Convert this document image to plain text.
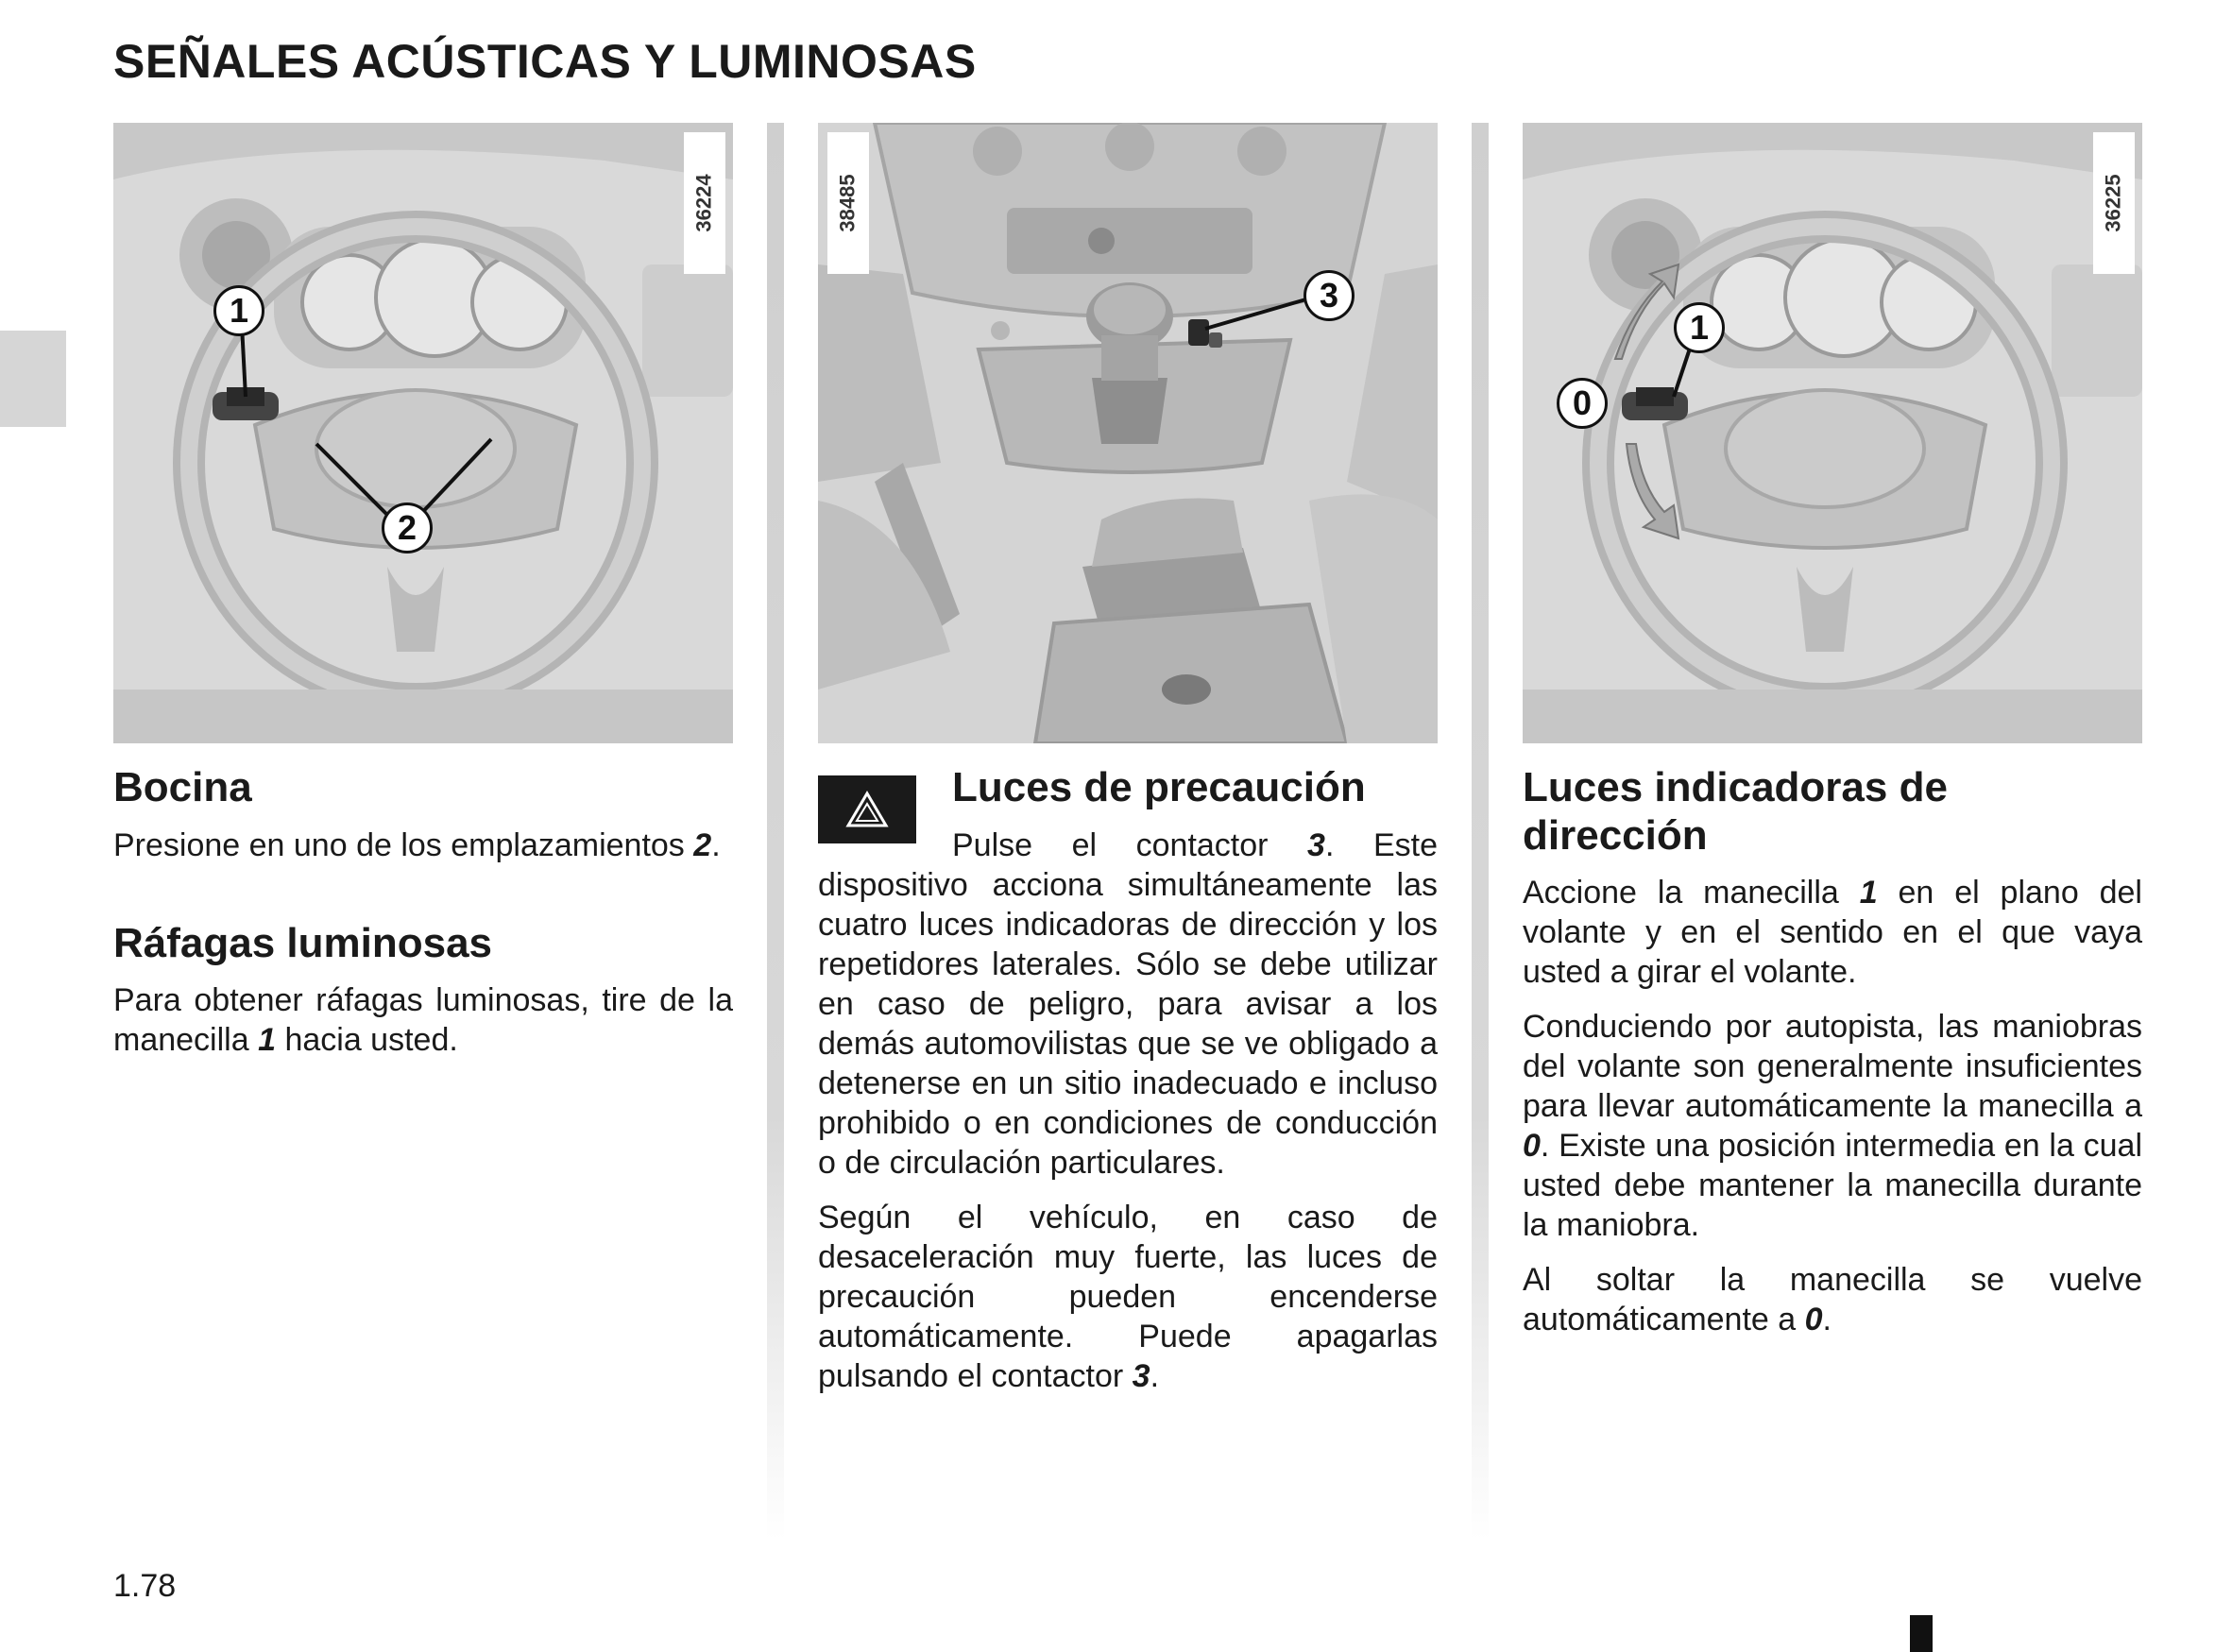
SEÑALES ACÚSTICAS Y LUMINOSAS
36224
1
2
Bocina

Presione en uno de los emplazamientos 2.

Ráfagas luminosas

Para obtener ráfagas luminosas, tire de la manecilla 1 hacia usted.

38485
3
Luces de precaución

Pulse el contactor 3. Este dispositivo acciona simultáneamente las cuatro luces indicadoras de dirección y los repetidores laterales. Sólo se debe utilizar en caso de peligro, para avisar a los demás automovilistas que se ve obligado a detenerse en un sitio inadecuado e incluso prohibido o en condiciones de conducción o de circulación particulares.

Según el vehículo, en caso de desaceleración muy fuerte, las luces de precaución pueden encenderse automáticamente. Puede apagarlas pulsando el contactor 3.

36225
1
0
Luces indicadoras de dirección

Accione la manecilla 1 en el plano del volante y en el sentido en el que vaya usted a girar el volante.

Conduciendo por autopista, las maniobras del volante son generalmente insuficientes para llevar automáticamente la manecilla a 0. Existe una posición intermedia en la cual usted debe mantener la manecilla durante la maniobra.

Al soltar la manecilla se vuelve automáticamente a 0.

1.78
